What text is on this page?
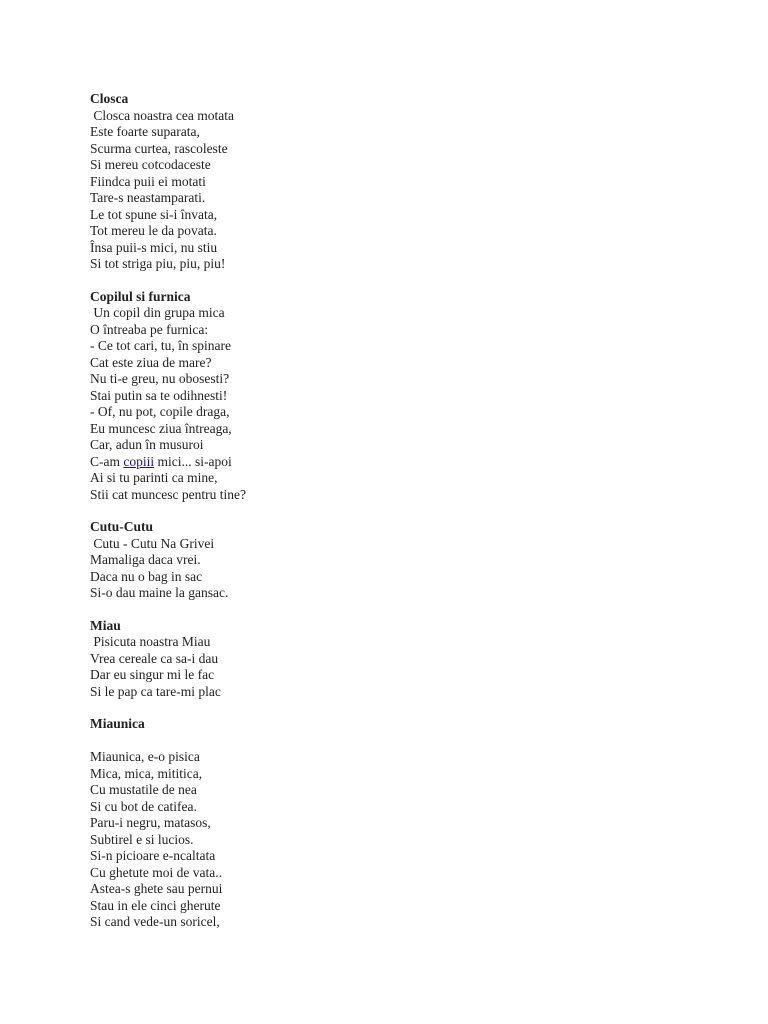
Closca
Closca noastra cea motata
Este foarte suparata,
Scurma curtea, rascoleste
Si mereu cotcodaceste
Fiindca puii ei motati
Tare-s neastamparati.
Le tot spune si-i învata,
Tot mereu le da povata.
Însa puii-s mici, nu stiu
Si tot striga piu, piu, piu!
Copilul si furnica
Un copil din grupa mica
O întreaba pe furnica:
- Ce tot cari, tu, în spinare
Cat este ziua de mare?
Nu ti-e greu, nu obosesti?
Stai putin sa te odihnesti!
- Of, nu pot, copile draga,
Eu muncesc ziua întreaga,
Car, adun în musuroi
C-am copiii mici... si-apoi
Ai si tu parinti ca mine,
Stii cat muncesc pentru tine?
Cutu-Cutu
Cutu - Cutu Na Grivei
Mamaliga daca vrei.
Daca nu o bag in sac
Si-o dau maine la gansac.
Miau
Pisicuta noastra Miau
Vrea cereale ca sa-i dau
Dar eu singur mi le fac
Si le pap ca tare-mi plac
Miaunica
Miaunica, e-o pisica
Mica, mica, mititica,
Cu mustatile de nea
Si cu bot de catifea.
Paru-i negru, matasos,
Subtirel e si lucios.
Si-n picioare e-ncaltata
Cu ghetute moi de vata..
Astea-s ghete sau pernui
Stau in ele cinci gherute
Si cand vede-un soricel,
